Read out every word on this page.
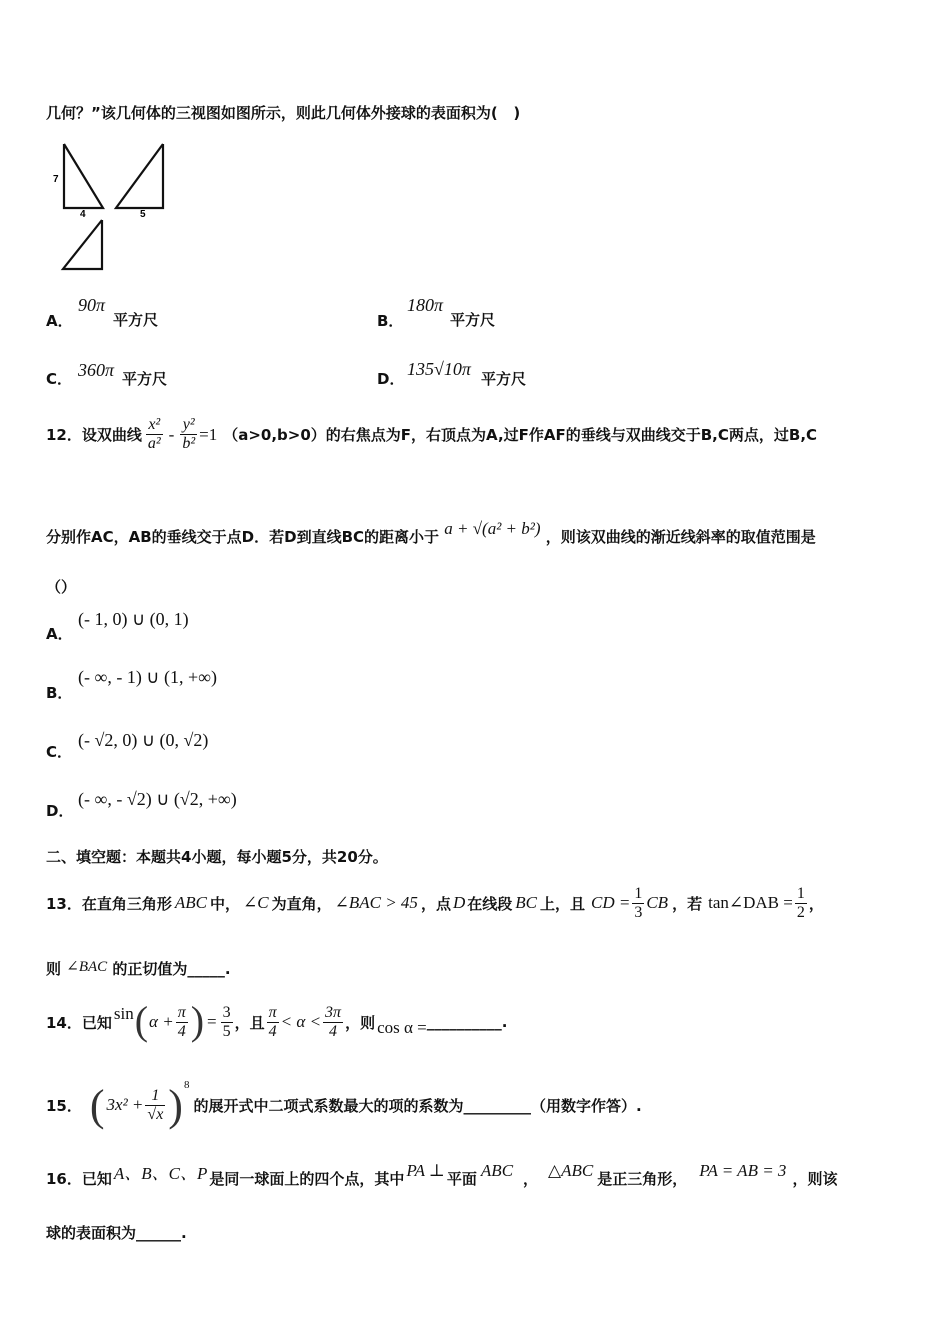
几何？”该几何体的三视图如图所示，则此几何体外接球的表面积为(   )
7
4	5
A．
90π
平方尺	B．
180π
平方尺
C． 360π 平方尺	D． 135√10π 平方尺
12．设双曲线 $\frac{\text{x²}}{\text{a²}} - \frac{\text{y²}}{\text{b²}} =1$ （a>0,b>0）的右焦点为F，右顶点为A,过F作AF的垂线与双曲线交于B,C两点，过B,C
分别作AC，AB的垂线交于点D．若D到直线BC的距离小于 a + √(a² + b²) ，则该双曲线的渐近线斜率的取值范围是
（）
A．
(- 1, 0) ∪ (0, 1)
B．
(- ∞, - 1) ∪ (1, +∞)
C．
(- √2, 0) ∪ (0, √2)
D．
(- ∞, - √2) ∪ (√2, +∞)
二、填空题：本题共4小题，每小题5分，共20分。
13．在直角三角形 ABC 中， ∠C 为直角， ∠BAC > 45 ，点 D 在线段 BC 上，且 CD = $\frac{1}{3}$ CB ，若 tan∠DAB = $\frac{1}{2}$ ，
则 ∠BAC 的正切值为_____.
14．已知 sin ( $\alpha + \frac{\pi}{4}$ ) = $\frac{3}{5}$ ，且 $\frac{\pi}{4} < \alpha < \frac{3\pi}{4}$ ，则 cos α = __________.
15． ( $3x^2 + \frac{1}{√x}$ ) 8
的展开式中二项式系数最大的项的系数为_________（用数字作答）.
16．已知 A、B、C、P 是同一球面上的四个点，其中 PA ⊥ 平面 ABC ， △ABC 是正三角形， PA = AB = 3 ，则该
球的表面积为______.
